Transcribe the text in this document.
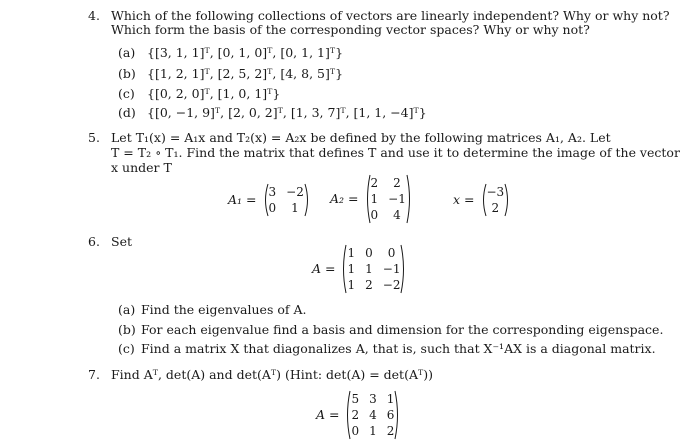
4. Which of the following collections of vectors are linearly independent? Why or why not?
Which form the basis of the corresponding vector spaces? Why or why not?
(a) {[3, 1, 1]ᵀ, [0, 1, 0]ᵀ, [0, 1, 1]ᵀ}
(b) {[1, 2, 1]ᵀ, [2, 5, 2]ᵀ, [4, 8, 5]ᵀ}
(c) {[0, 2, 0]ᵀ, [1, 0, 1]ᵀ}
(d) {[0, −1, 9]ᵀ, [2, 0, 2]ᵀ, [1, 3, 7]ᵀ, [1, 1, −4]ᵀ}
5. Let T₁(x) = A₁x and T₂(x) = A₂x be defined by the following matrices A₁, A₂. Let
T = T₂ ∘ T₁. Find the matrix that defines T and use it to determine the image of the vector
x under T
A₁ =
3 −2
0	1
A₂ =
2	2
1 −1
0	4
x =
−3
2
6. Set
A =
1 0	0
1 1 −1
1 2 −2
(a) Find the eigenvalues of A.
(b) For each eigenvalue find a basis and dimension for the corresponding eigenspace.
(c) Find a matrix X that diagonalizes A, that is, such that X⁻¹AX is a diagonal matrix.
7. Find Aᵀ, det(A) and det(Aᵀ) (Hint: det(A) = det(Aᵀ))
A =
5 3 1
2 4 6
0 1 2
